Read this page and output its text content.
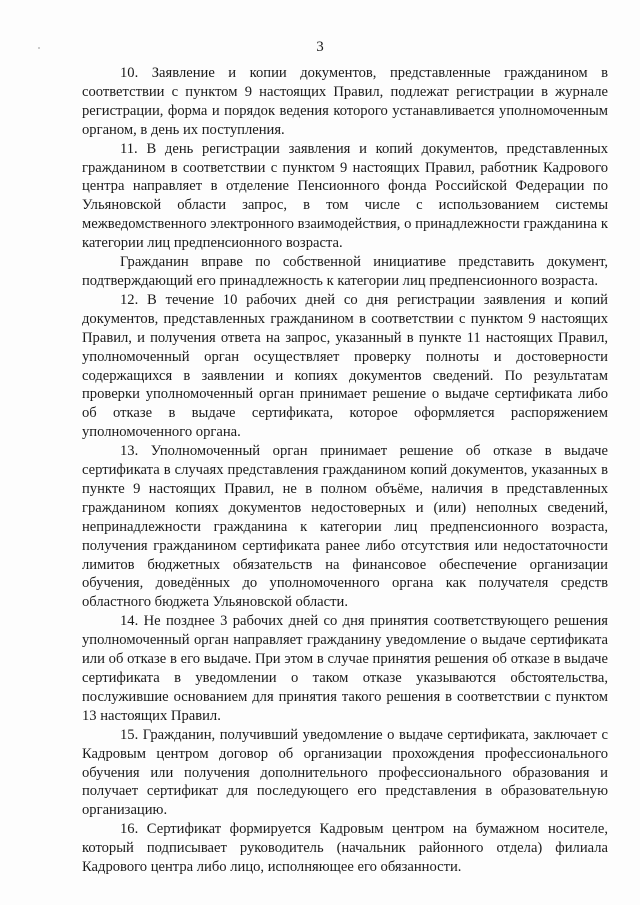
3

10. Заявление и копии документов, представленные гражданином в соответствии с пунктом 9 настоящих Правил, подлежат регистрации в журнале регистрации, форма и порядок ведения которого устанавливается уполномоченным органом, в день их поступления.

11. В день регистрации заявления и копий документов, представленных гражданином в соответствии с пунктом 9 настоящих Правил, работник Кадрового центра направляет в отделение Пенсионного фонда Российской Федерации по Ульяновской области запрос, в том числе с использованием системы межведомственного электронного взаимодействия, о принадлежности гражданина к категории лиц предпенсионного возраста.

Гражданин вправе по собственной инициативе представить документ, подтверждающий его принадлежность к категории лиц предпенсионного возраста.

12. В течение 10 рабочих дней со дня регистрации заявления и копий документов, представленных гражданином в соответствии с пунктом 9 настоящих Правил, и получения ответа на запрос, указанный в пункте 11 настоящих Правил, уполномоченный орган осуществляет проверку полноты и достоверности содержащихся в заявлении и копиях документов сведений. По результатам проверки уполномоченный орган принимает решение о выдаче сертификата либо об отказе в выдаче сертификата, которое оформляется распоряжением уполномоченного органа.

13. Уполномоченный орган принимает решение об отказе в выдаче сертификата в случаях представления гражданином копий документов, указанных в пункте 9 настоящих Правил, не в полном объёме, наличия в представленных гражданином копиях документов недостоверных и (или) неполных сведений, непринадлежности гражданина к категории лиц предпенсионного возраста, получения гражданином сертификата ранее либо отсутствия или недостаточности лимитов бюджетных обязательств на финансовое обеспечение организации обучения, доведённых до уполномоченного органа как получателя средств областного бюджета Ульяновской области.

14. Не позднее 3 рабочих дней со дня принятия соответствующего решения уполномоченный орган направляет гражданину уведомление о выдаче сертификата или об отказе в его выдаче. При этом в случае принятия решения об отказе в выдаче сертификата в уведомлении о таком отказе указываются обстоятельства, послужившие основанием для принятия такого решения в соответствии с пунктом 13 настоящих Правил.

15. Гражданин, получивший уведомление о выдаче сертификата, заключает с Кадровым центром договор об организации прохождения профессионального обучения или получения дополнительного профессионального образования и получает сертификат для последующего его представления в образовательную организацию.

16. Сертификат формируется Кадровым центром на бумажном носителе, который подписывает руководитель (начальник районного отдела) филиала Кадрового центра либо лицо, исполняющее его обязанности.
